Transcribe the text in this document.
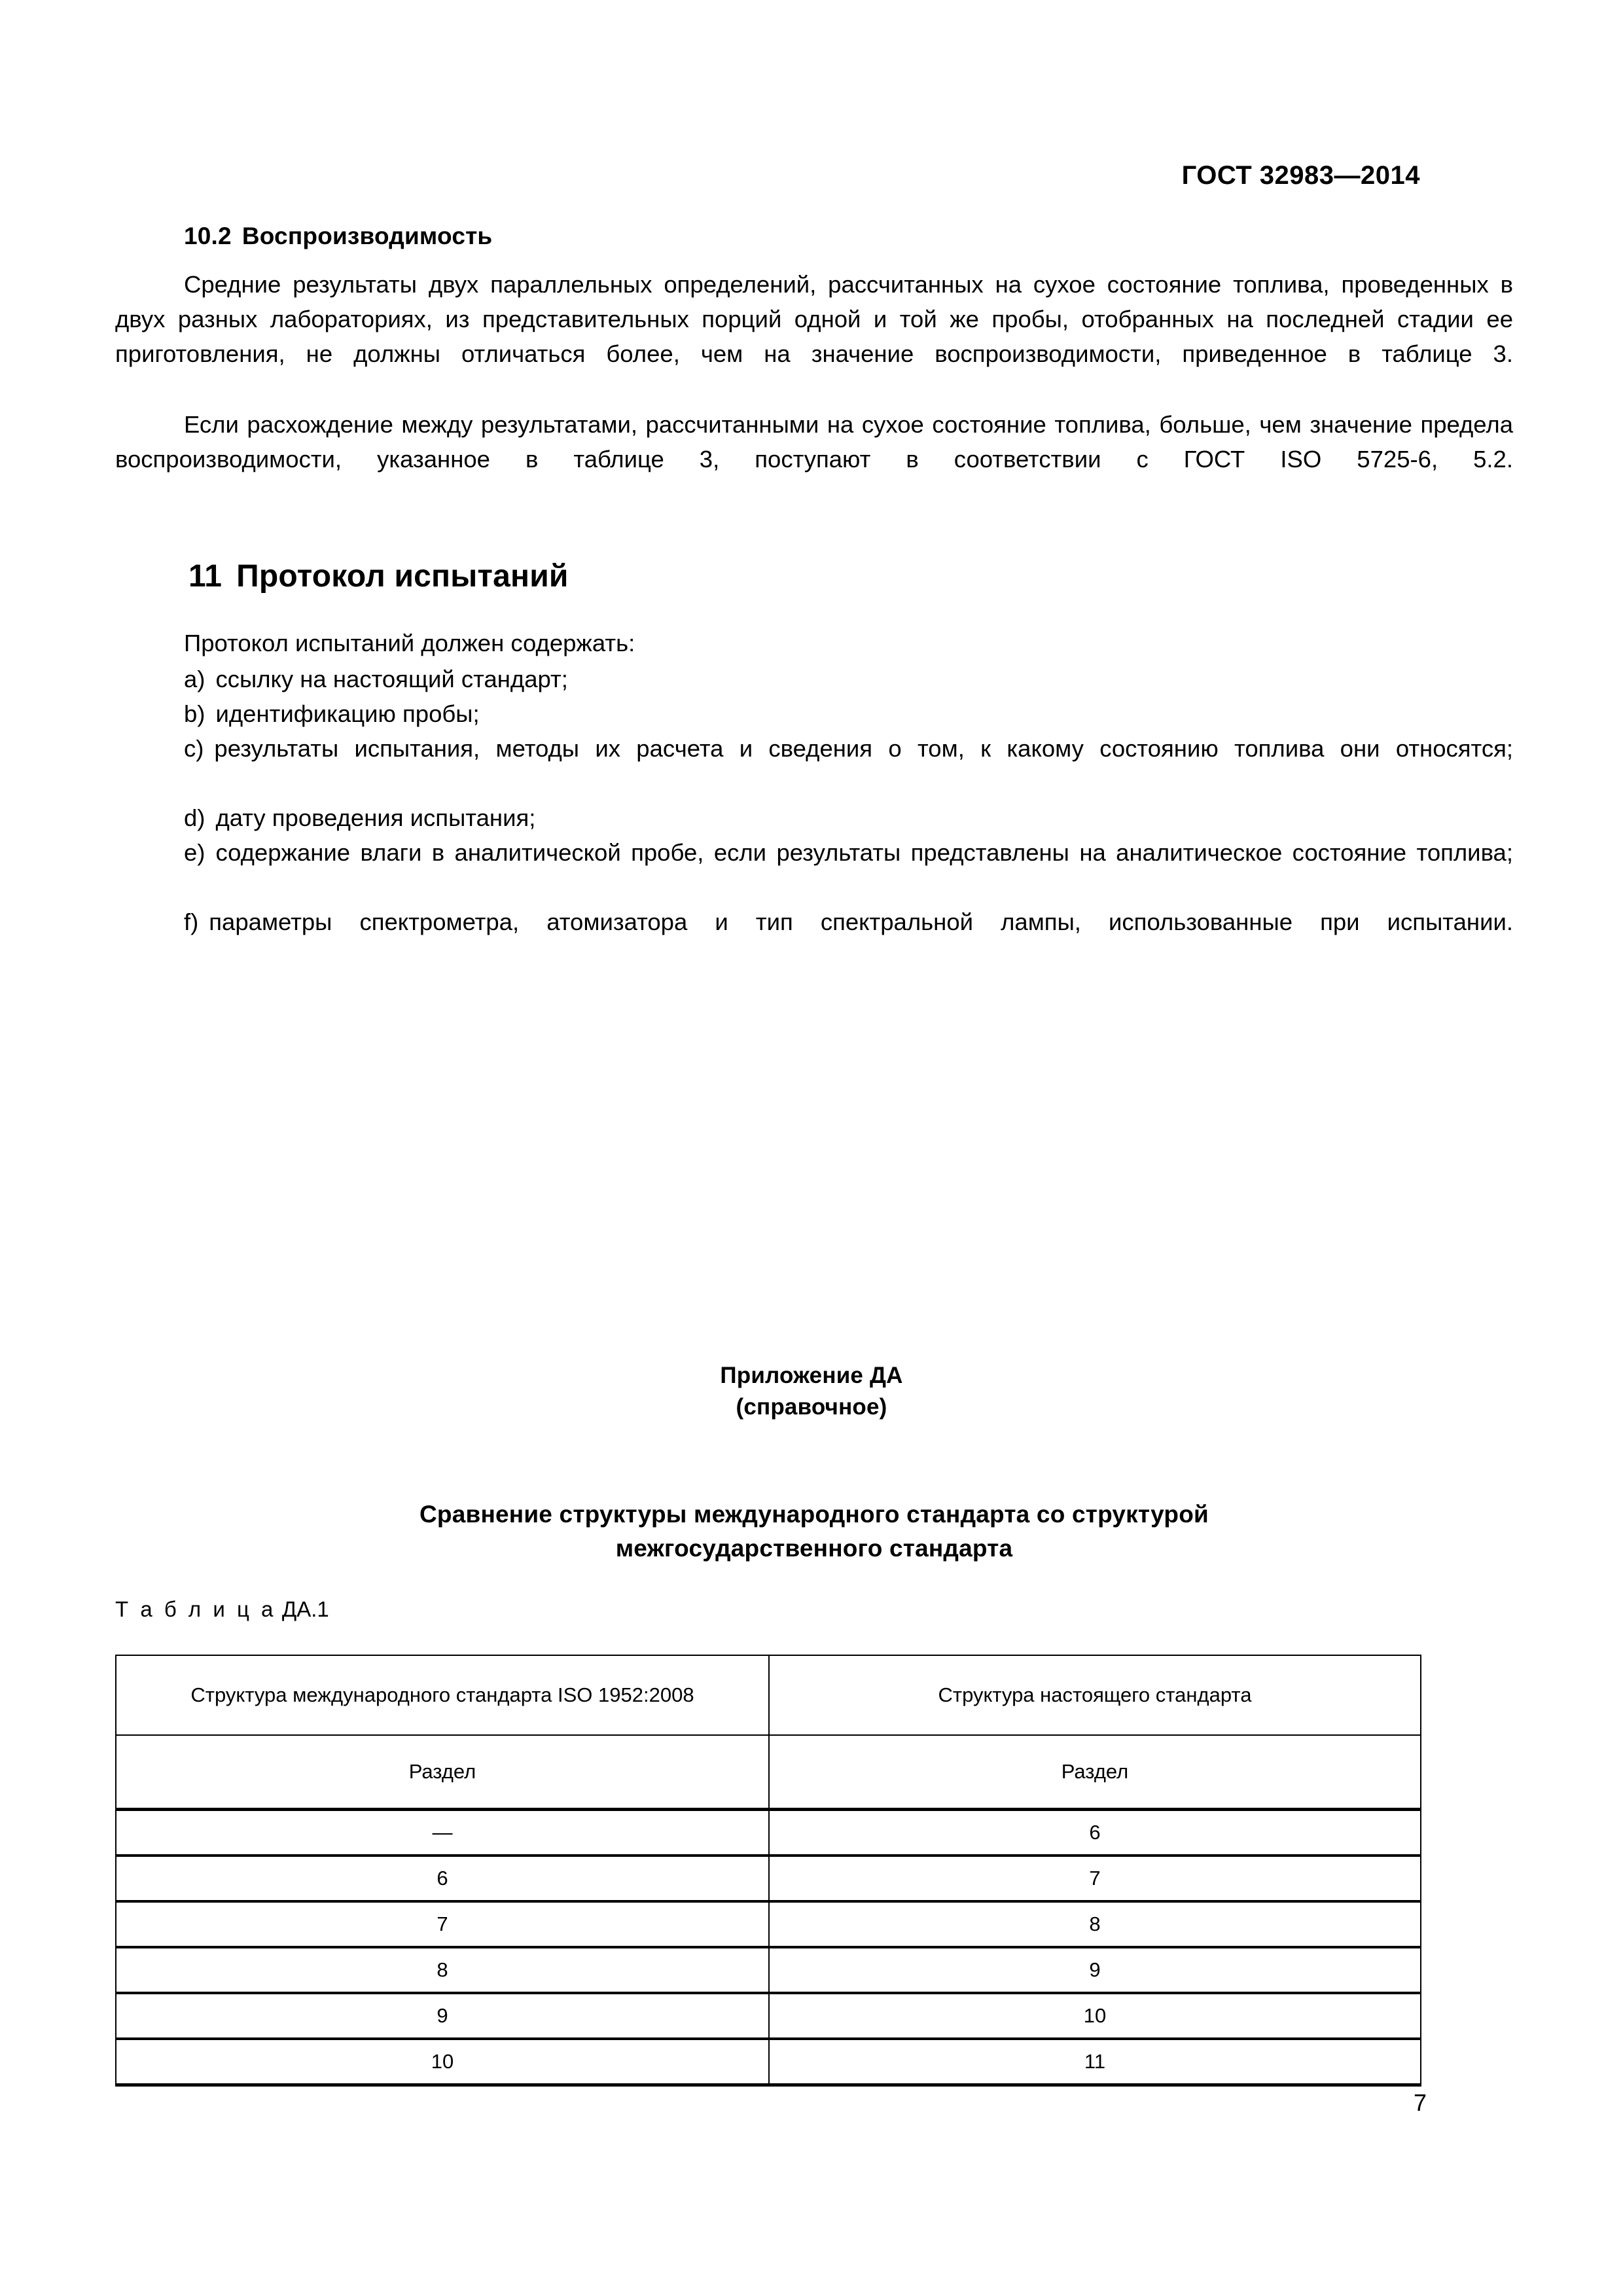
ГОСТ 32983—2014
10.2 Воспроизводимость

Средние результаты двух параллельных определений, рассчитанных на сухое состояние топлива, проведенных в двух разных лабораториях, из представительных порций одной и той же пробы, отобранных на последней стадии ее приготовления, не должны отличаться более, чем на значение воспроизводимости, приведенное в таблице 3.

Если расхождение между результатами, рассчитанными на сухое состояние топлива, больше, чем значение предела воспроизводимости, указанное в таблице 3, поступают в соответствии с ГОСТ ISO 5725-6, 5.2.

11 Протокол испытаний

Протокол испытаний должен содержать:

a) ссылку на настоящий стандарт;
b) идентификацию пробы;
c) результаты испытания, методы их расчета и сведения о том, к какому состоянию топлива они относятся;
d) дату проведения испытания;
e) содержание влаги в аналитической пробе, если результаты представлены на аналитическое состояние топлива;
f) параметры спектрометра, атомизатора и тип спектральной лампы, использованные при испытании.
Приложение ДА
(справочное)
Сравнение структуры международного стандарта со структурой
межгосударственного стандарта
Т а б л и ц а ДА.1
Структура международного стандарта ISO 1952:2008	Структура настоящего стандарта
Раздел	Раздел
—	6
6	7
7	8
8	9
9	10
10	11
7
